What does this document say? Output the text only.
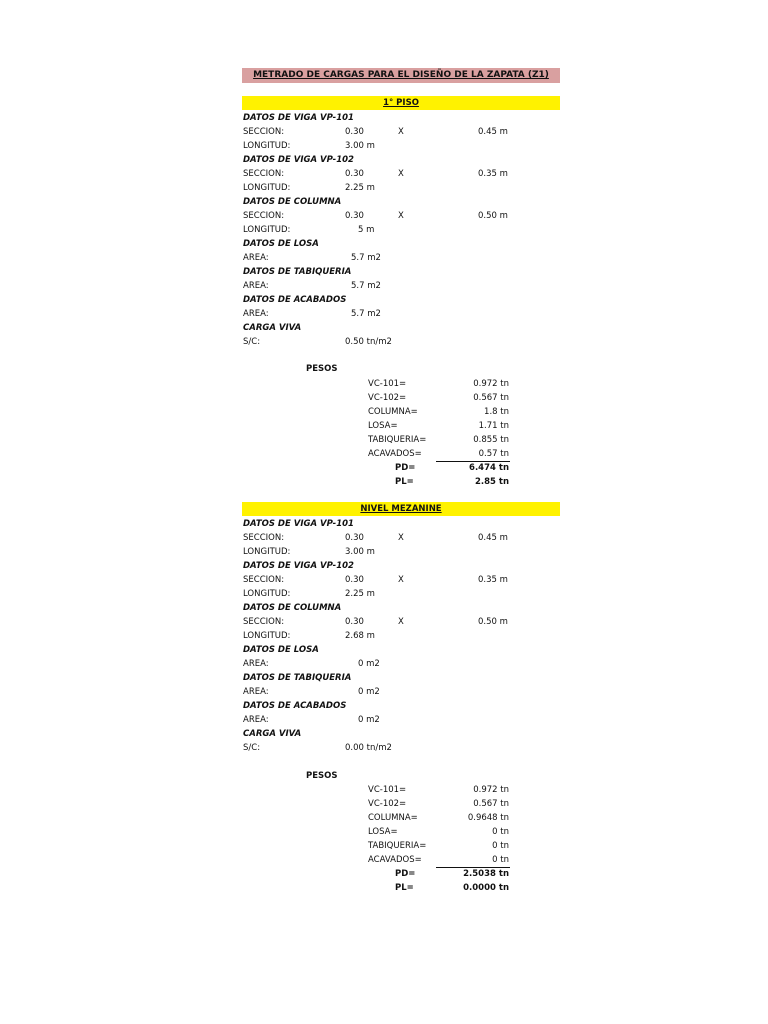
METRADO DE CARGAS PARA EL DISEÑO DE LA ZAPATA (Z1)
1° PISO
DATOS DE VIGA VP-101
SECCION:	0.30	X	0.45 m
LONGITUD:	3.00 m
DATOS DE VIGA VP-102
SECCION:	0.30	X	0.35 m
LONGITUD:	2.25 m
DATOS DE COLUMNA
SECCION:	0.30	X	0.50 m
LONGITUD:	5 m
DATOS DE LOSA
AREA:	5.7 m2
DATOS DE TABIQUERIA
AREA:	5.7 m2
DATOS DE ACABADOS
AREA:	5.7 m2
CARGA VIVA
S/C:	0.50 tn/m2
PESOS
VC-101=	0.972 tn
VC-102=	0.567 tn
COLUMNA=	1.8 tn
LOSA=	1.71 tn
TABIQUERIA=	0.855 tn
ACAVADOS=	0.57 tn
PD=	6.474 tn
PL=	2.85 tn
NIVEL MEZANINE
DATOS DE VIGA VP-101
SECCION:	0.30	X	0.45 m
LONGITUD:	3.00 m
DATOS DE VIGA VP-102
SECCION:	0.30	X	0.35 m
LONGITUD:	2.25 m
DATOS DE COLUMNA
SECCION:	0.30	X	0.50 m
LONGITUD:	2.68 m
DATOS DE LOSA
AREA:	0 m2
DATOS DE TABIQUERIA
AREA:	0 m2
DATOS DE ACABADOS
AREA:	0 m2
CARGA VIVA
S/C:	0.00 tn/m2
PESOS
VC-101=	0.972 tn
VC-102=	0.567 tn
COLUMNA=	0.9648 tn
LOSA=	0 tn
TABIQUERIA=	0 tn
ACAVADOS=	0 tn
PD=	2.5038 tn
PL=	0.0000 tn
